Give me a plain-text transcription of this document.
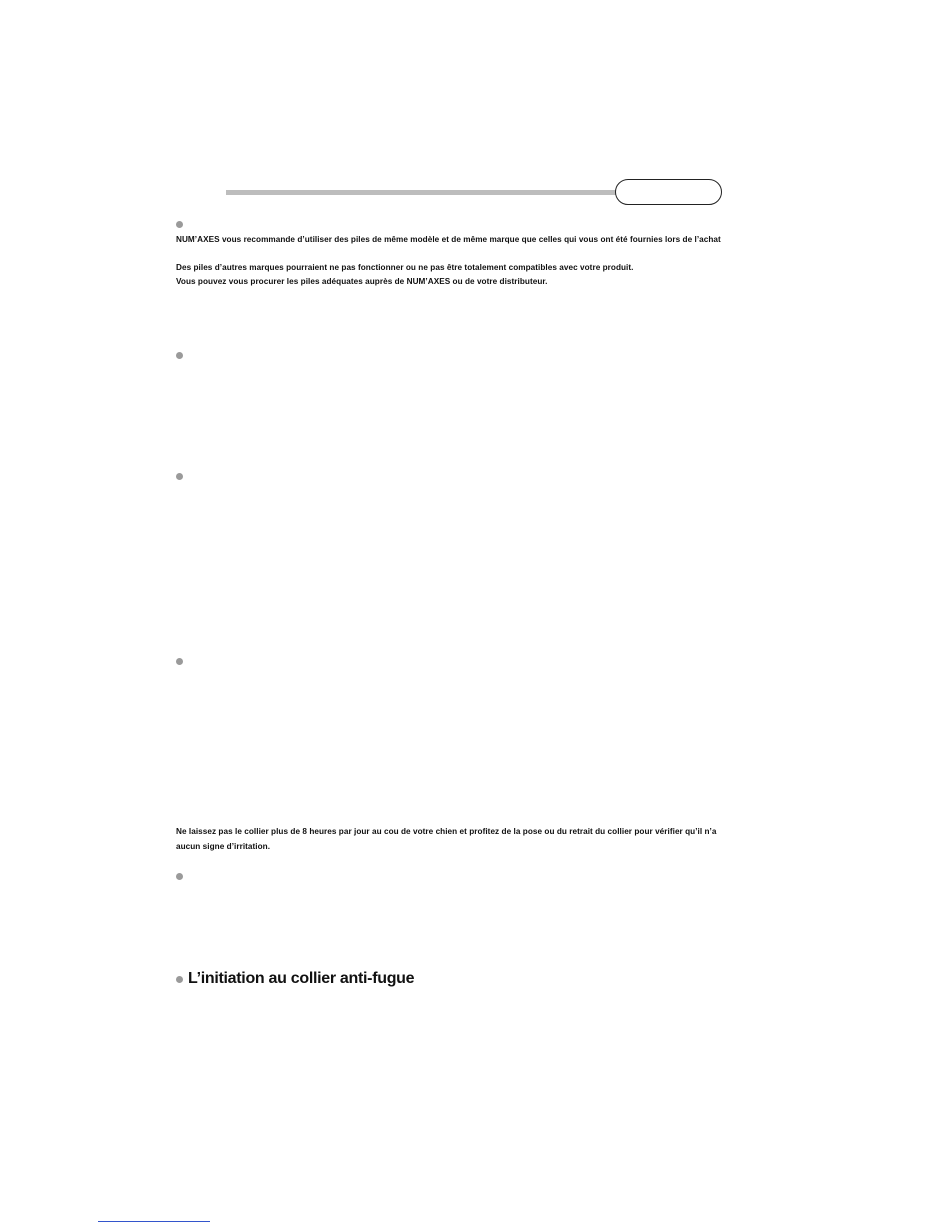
NUM’AXES vous recommande d’utiliser des piles de même modèle et de même marque que celles qui vous ont été fournies lors de l’achat
Des piles d’autres marques pourraient ne pas fonctionner ou ne pas être totalement compatibles avec votre produit.
Vous pouvez vous procurer les piles adéquates auprès de NUM’AXES ou de votre distributeur.
Ne laissez pas le collier plus de 8 heures par jour au cou de votre chien et profitez de la pose ou du retrait du collier pour vérifier qu’il n’a
aucun signe d’irritation.
L’initiation au collier anti-fugue
